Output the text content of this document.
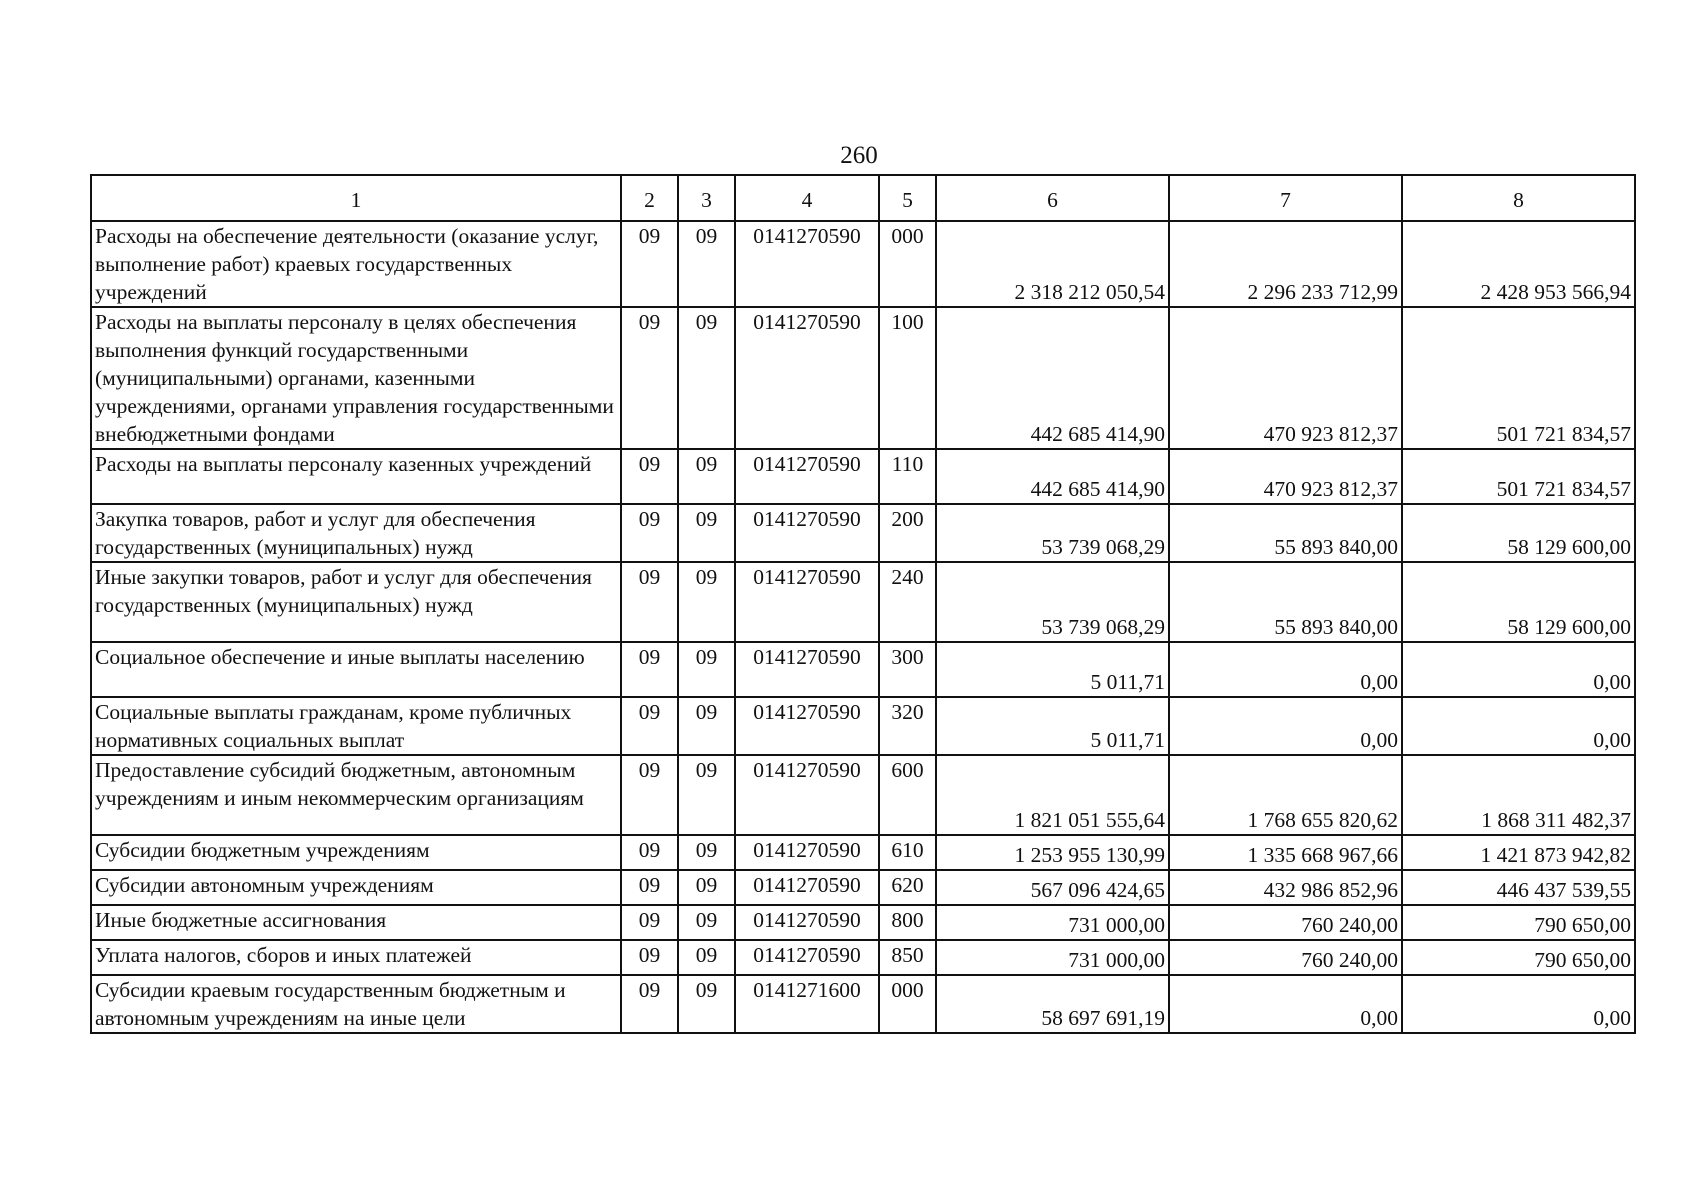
260
1	2	3	4	5	6	7	8
Расходы на обеспечение деятельности (оказание услуг, выполнение работ) краевых государственных учреждений	09	09	0141270590	000	2 318 212 050,54	2 296 233 712,99	2 428 953 566,94
Расходы на выплаты персоналу в целях обеспечения выполнения функций государственными (муниципальными) органами, казенными учреждениями, органами управления государственными внебюджетными фондами	09	09	0141270590	100	442 685 414,90	470 923 812,37	501 721 834,57
Расходы на выплаты персоналу казенных учреждений	09	09	0141270590	110	442 685 414,90	470 923 812,37	501 721 834,57
Закупка товаров, работ и услуг для обеспечения государственных (муниципальных) нужд	09	09	0141270590	200	53 739 068,29	55 893 840,00	58 129 600,00
Иные закупки товаров, работ и услуг для обеспечения государственных (муниципальных) нужд	09	09	0141270590	240	53 739 068,29	55 893 840,00	58 129 600,00
Социальное обеспечение и иные выплаты населению	09	09	0141270590	300	5 011,71	0,00	0,00
Социальные выплаты гражданам, кроме публичных нормативных социальных выплат	09	09	0141270590	320	5 011,71	0,00	0,00
Предоставление субсидий бюджетным, автономным учреждениям и иным некоммерческим организациям	09	09	0141270590	600	1 821 051 555,64	1 768 655 820,62	1 868 311 482,37
Субсидии бюджетным учреждениям	09	09	0141270590	610	1 253 955 130,99	1 335 668 967,66	1 421 873 942,82
Субсидии автономным учреждениям	09	09	0141270590	620	567 096 424,65	432 986 852,96	446 437 539,55
Иные бюджетные ассигнования	09	09	0141270590	800	731 000,00	760 240,00	790 650,00
Уплата налогов, сборов и иных платежей	09	09	0141270590	850	731 000,00	760 240,00	790 650,00
Субсидии краевым государственным бюджетным и автономным учреждениям на иные цели	09	09	0141271600	000	58 697 691,19	0,00	0,00
